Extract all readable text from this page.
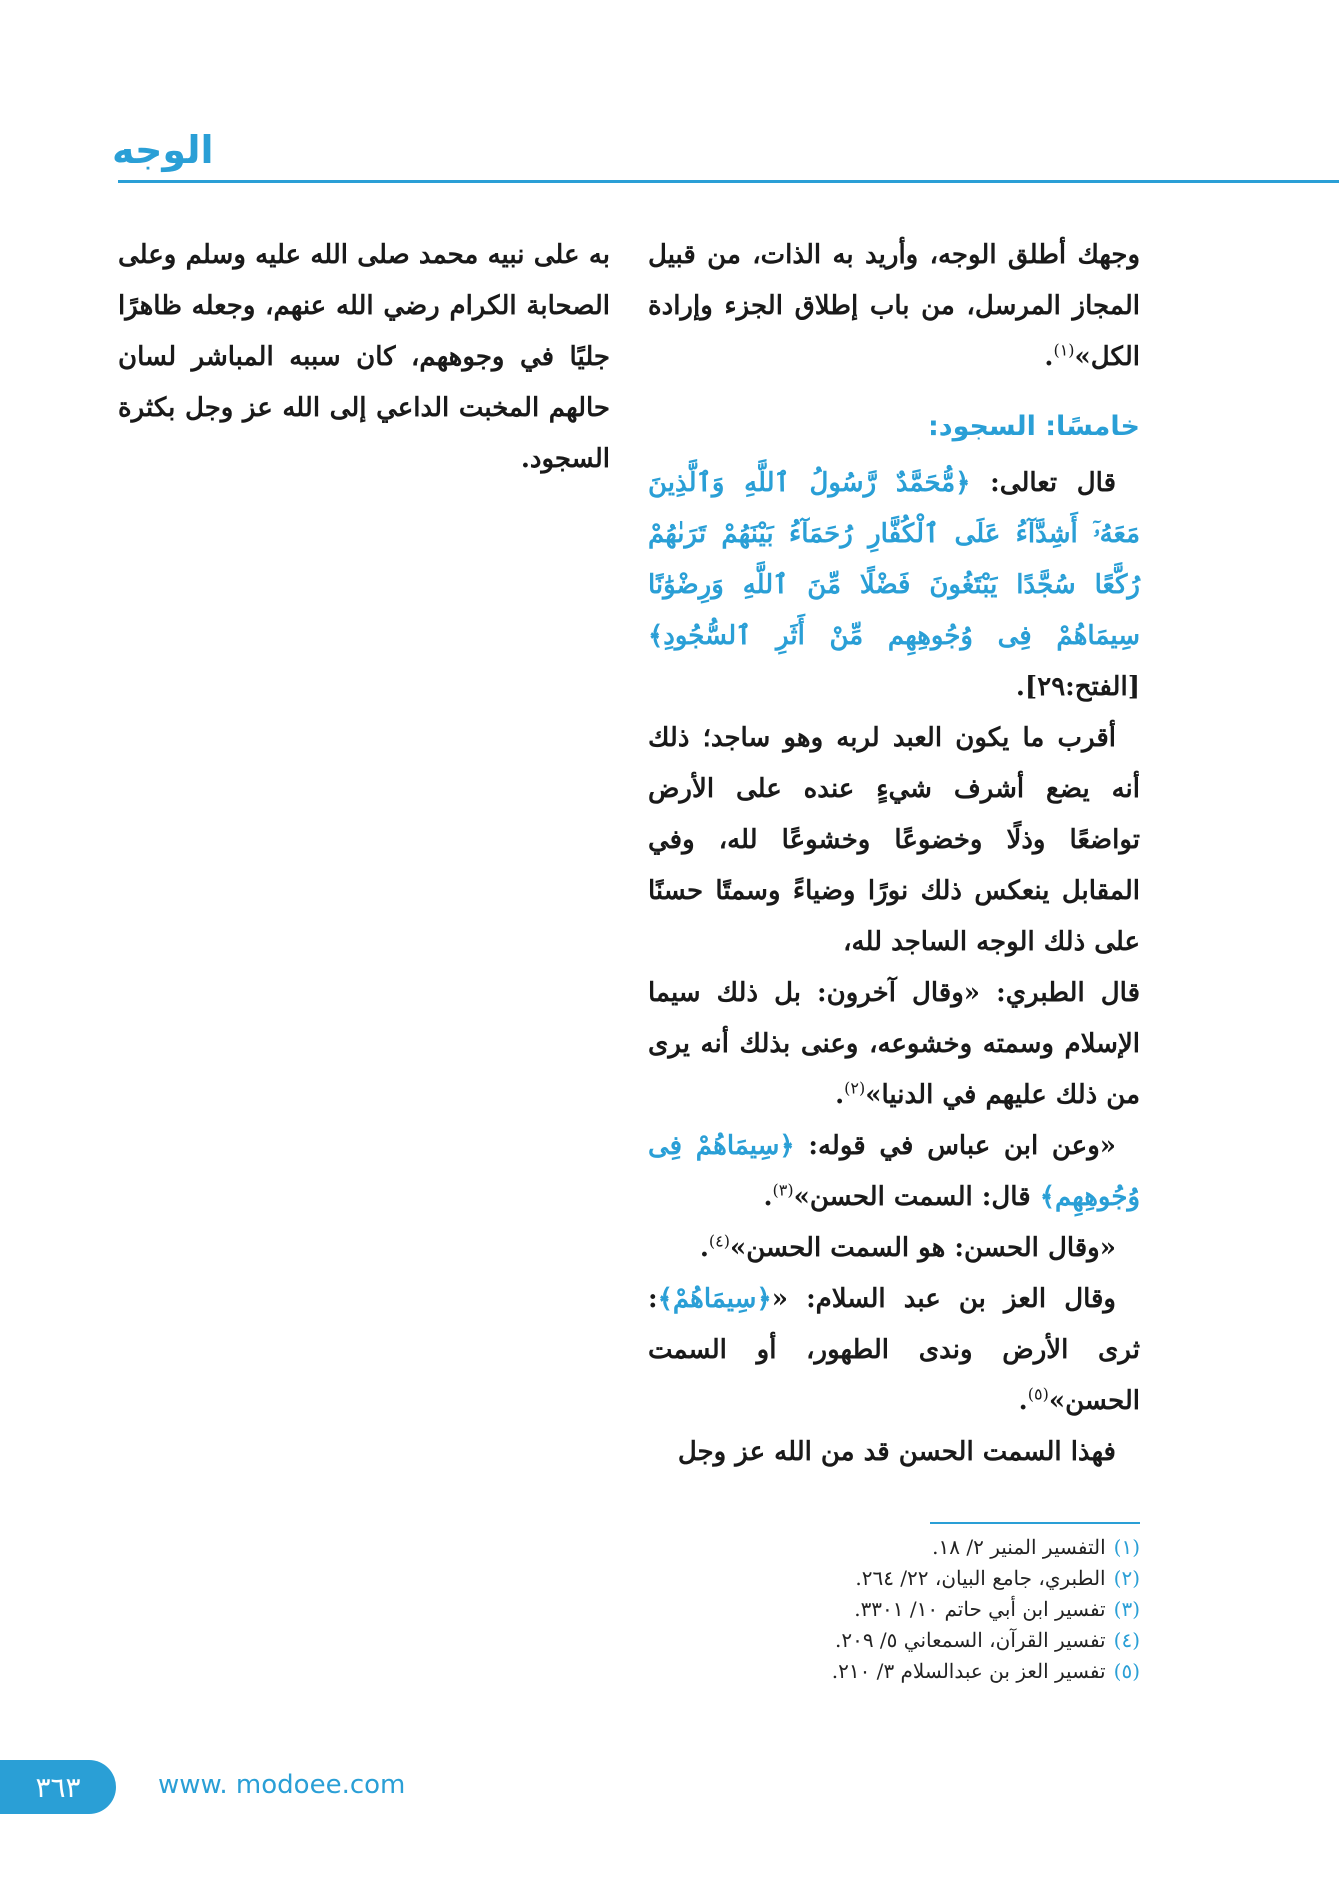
الوجه

وجهك أطلق الوجه، وأريد به الذات، من قبيل المجاز المرسل، من باب إطلاق الجزء وإرادة الكل»$^{(١)}$.

خامسًا: السجود:

قال تعالى: ﴿مُّحَمَّدٌ رَّسُولُ ٱللَّهِ وَٱلَّذِينَ مَعَهُۥٓ أَشِدَّآءُ عَلَى ٱلْكُفَّارِ رُحَمَآءُ بَيْنَهُمْ تَرَىٰهُمْ رُكَّعًا سُجَّدًا يَبْتَغُونَ فَضْلًا مِّنَ ٱللَّهِ وَرِضْوَٰنًا سِيمَاهُمْ فِى وُجُوهِهِم مِّنْ أَثَرِ ٱلسُّجُودِ﴾ [الفتح:٢٩].

أقرب ما يكون العبد لربه وهو ساجد؛ ذلك أنه يضع أشرف شيءٍ عنده على الأرض تواضعًا وذلًا وخضوعًا وخشوعًا لله، وفي المقابل ينعكس ذلك نورًا وضياءً وسمتًا حسنًا على ذلك الوجه الساجد لله،

قال الطبري: «وقال آخرون: بل ذلك سيما الإسلام وسمته وخشوعه، وعنى بذلك أنه يرى من ذلك عليهم في الدنيا»$^{(٢)}$.

«وعن ابن عباس في قوله: ﴿سِيمَاهُمْ فِى وُجُوهِهِم﴾ قال: السمت الحسن»$^{(٣)}$.

«وقال الحسن: هو السمت الحسن»$^{(٤)}$.

وقال العز بن عبد السلام: «﴿سِيمَاهُمْ﴾: ثرى الأرض وندى الطهور، أو السمت الحسن»$^{(٥)}$.

فهذا السمت الحسن قد من الله عز وجل

به على نبيه محمد صلى الله عليه وسلم وعلى الصحابة الكرام رضي الله عنهم، وجعله ظاهرًا جليًا في وجوههم، كان سببه المباشر لسان حالهم المخبت الداعي إلى الله عز وجل بكثرة السجود.

(١)التفسير المنير ٢/ ١٨.
(٢)الطبري، جامع البيان، ٢٢/ ٢٦٤.
(٣)تفسير ابن أبي حاتم ١٠/ ٣٣٠١.
(٤)تفسير القرآن، السمعاني ٥/ ٢٠٩.
(٥)تفسير العز بن عبدالسلام ٣/ ٢١٠.
٣٦٣	www. modoee.com
